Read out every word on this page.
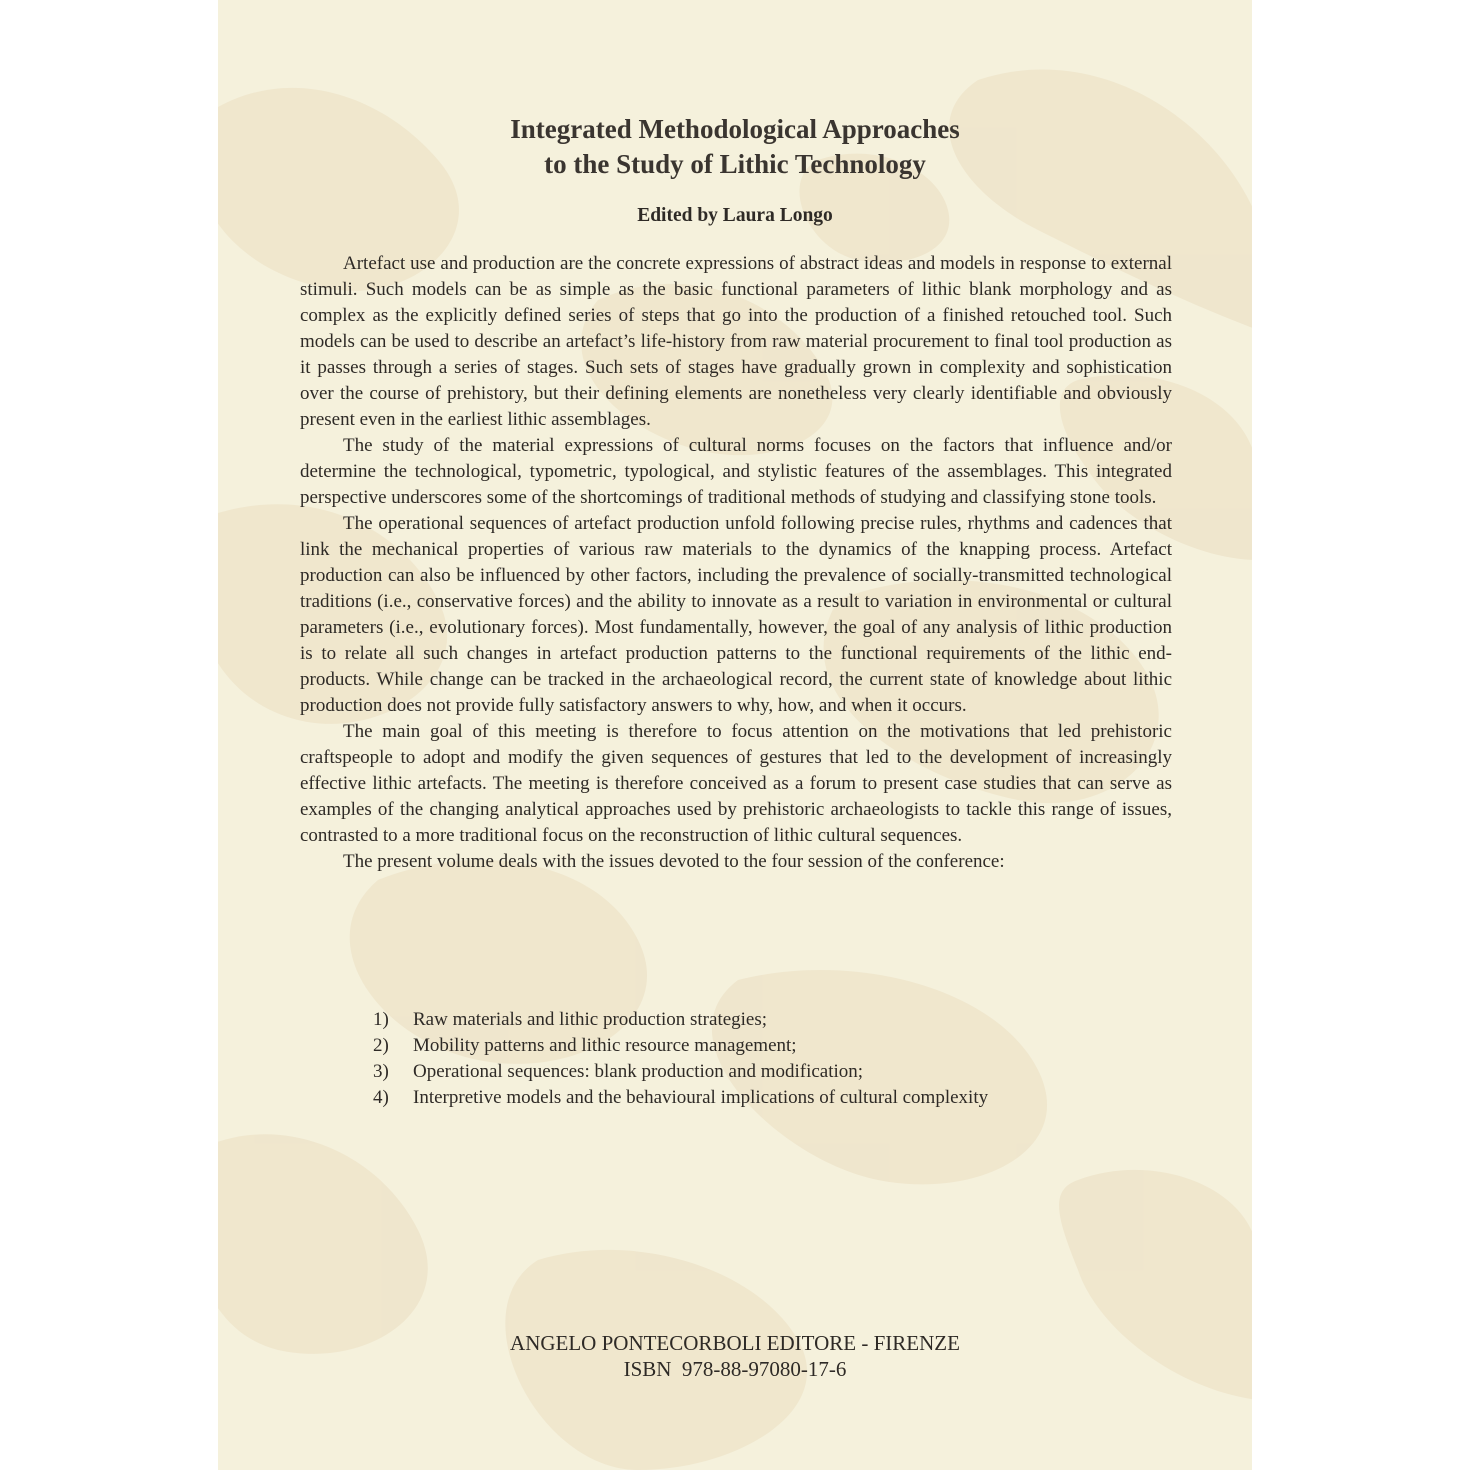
Integrated Methodological Approaches
to the Study of Lithic Technology
Edited by Laura Longo

Artefact use and production are the concrete expressions of abstract ideas and models in response to external stimuli. Such models can be as simple as the basic functional parameters of lithic blank morphology and as complex as the explicitly defined series of steps that go into the production of a finished retouched tool. Such models can be used to describe an artefact’s life-history from raw material procurement to final tool production as it passes through a series of stages. Such sets of stages have gradually grown in complexity and sophistication over the course of prehistory, but their defining elements are nonetheless very clearly identifiable and obviously present even in the earliest lithic assemblages.

The study of the material expressions of cultural norms focuses on the factors that influence and/or determine the technological, typometric, typological, and stylistic features of the assemblages. This integrated perspective underscores some of the shortcomings of traditional methods of studying and classifying stone tools.

The operational sequences of artefact production unfold following precise rules, rhythms and cadences that link the mechanical properties of various raw materials to the dynamics of the knapping process. Artefact production can also be influenced by other factors, including the prevalence of socially-transmitted technological traditions (i.e., conservative forces) and the ability to innovate as a result to variation in environmental or cultural parameters (i.e., evolutionary forces). Most fundamentally, however, the goal of any analysis of lithic production is to relate all such changes in artefact production patterns to the functional requirements of the lithic end-products. While change can be tracked in the archaeological record, the current state of knowledge about lithic production does not provide fully satisfactory answers to why, how, and when it occurs.

The main goal of this meeting is therefore to focus attention on the motivations that led prehistoric craftspeople to adopt and modify the given sequences of gestures that led to the development of increasingly effective lithic artefacts. The meeting is therefore conceived as a forum to present case studies that can serve as examples of the changing analytical approaches used by prehistoric archaeologists to tackle this range of issues, contrasted to a more traditional focus on the reconstruction of lithic cultural sequences.

The present volume deals with the issues devoted to the four session of the conference:

1)	Raw materials and lithic production strategies;
2)	Mobility patterns and lithic resource management;
3)	Operational sequences: blank production and modification;
4)	Interpretive models and the behavioural implications of cultural complexity
ANGELO PONTECORBOLI EDITORE - FIRENZE
ISBN  978-88-97080-17-6
